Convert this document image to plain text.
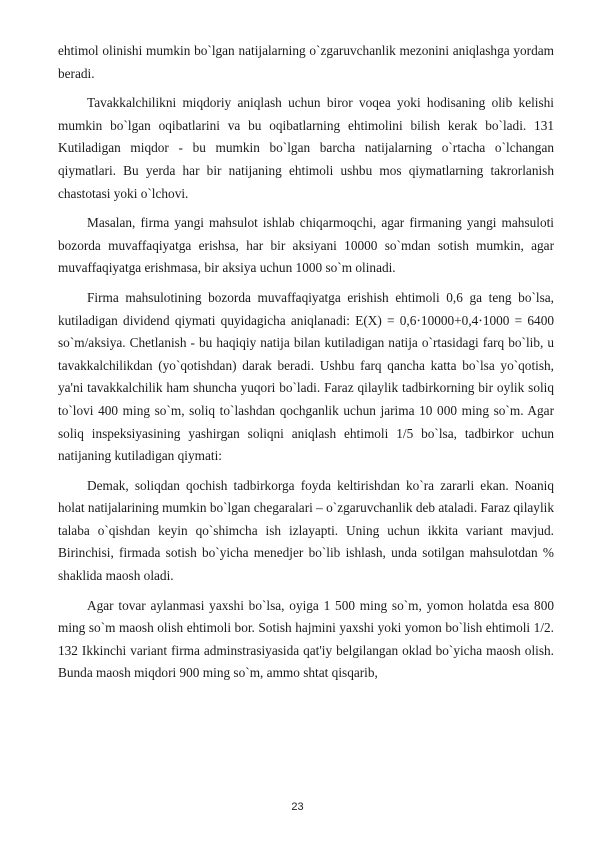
ehtimol olinishi mumkin bo`lgan natijalarning o`zgaruvchanlik mezonini aniqlashga yordam beradi.

Tavakkalchilikni miqdoriy aniqlash uchun biror voqea yoki hodisaning olib kelishi mumkin bo`lgan oqibatlarini va bu oqibatlarning ehtimolini bilish kerak bo`ladi. 131 Kutiladigan miqdor - bu mumkin bo`lgan barcha natijalarning o`rtacha o`lchangan qiymatlari. Bu yerda har bir natijaning ehtimoli ushbu mos qiymatlarning takrorlanish chastotasi yoki o`lchovi.

Masalan, firma yangi mahsulot ishlab chiqarmoqchi, agar firmaning yangi mahsuloti bozorda muvaffaqiyatga erishsa, har bir aksiyani 10000 so`mdan sotish mumkin, agar muvaffaqiyatga erishmasa, bir aksiya uchun 1000 so`m olinadi.

Firma mahsulotining bozorda muvaffaqiyatga erishish ehtimoli 0,6 ga teng bo`lsa, kutiladigan dividend qiymati quyidagicha aniqlanadi: E(X) = 0,6⋅10000+0,4⋅1000 = 6400 so`m/aksiya. Chetlanish - bu haqiqiy natija bilan kutiladigan natija o`rtasidagi farq bo`lib, u tavakkalchilikdan (yo`qotishdan) darak beradi. Ushbu farq qancha katta bo`lsa yo`qotish, ya'ni tavakkalchilik ham shuncha yuqori bo`ladi. Faraz qilaylik tadbirkorning bir oylik soliq to`lovi 400 ming so`m, soliq to`lashdan qochganlik uchun jarima 10 000 ming so`m. Agar soliq inspeksiyasining yashirgan soliqni aniqlash ehtimoli 1/5 bo`lsa, tadbirkor uchun natijaning kutiladigan qiymati:

Demak, soliqdan qochish tadbirkorga foyda keltirishdan ko`ra zararli ekan. Noaniq holat natijalarining mumkin bo`lgan chegaralari – o`zgaruvchanlik deb ataladi. Faraz qilaylik talaba o`qishdan keyin qo`shimcha ish izlayapti. Uning uchun ikkita variant mavjud. Birinchisi, firmada sotish bo`yicha menedjer bo`lib ishlash, unda sotilgan mahsulotdan % shaklida maosh oladi.

Agar tovar aylanmasi yaxshi bo`lsa, oyiga 1 500 ming so`m, yomon holatda esa 800 ming so`m maosh olish ehtimoli bor. Sotish hajmini yaxshi yoki yomon bo`lish ehtimoli 1/2. 132 Ikkinchi variant firma adminstrasiyasida qat'iy belgilangan oklad bo`yicha maosh olish. Bunda maosh miqdori 900 ming so`m, ammo shtat qisqarib,

23
